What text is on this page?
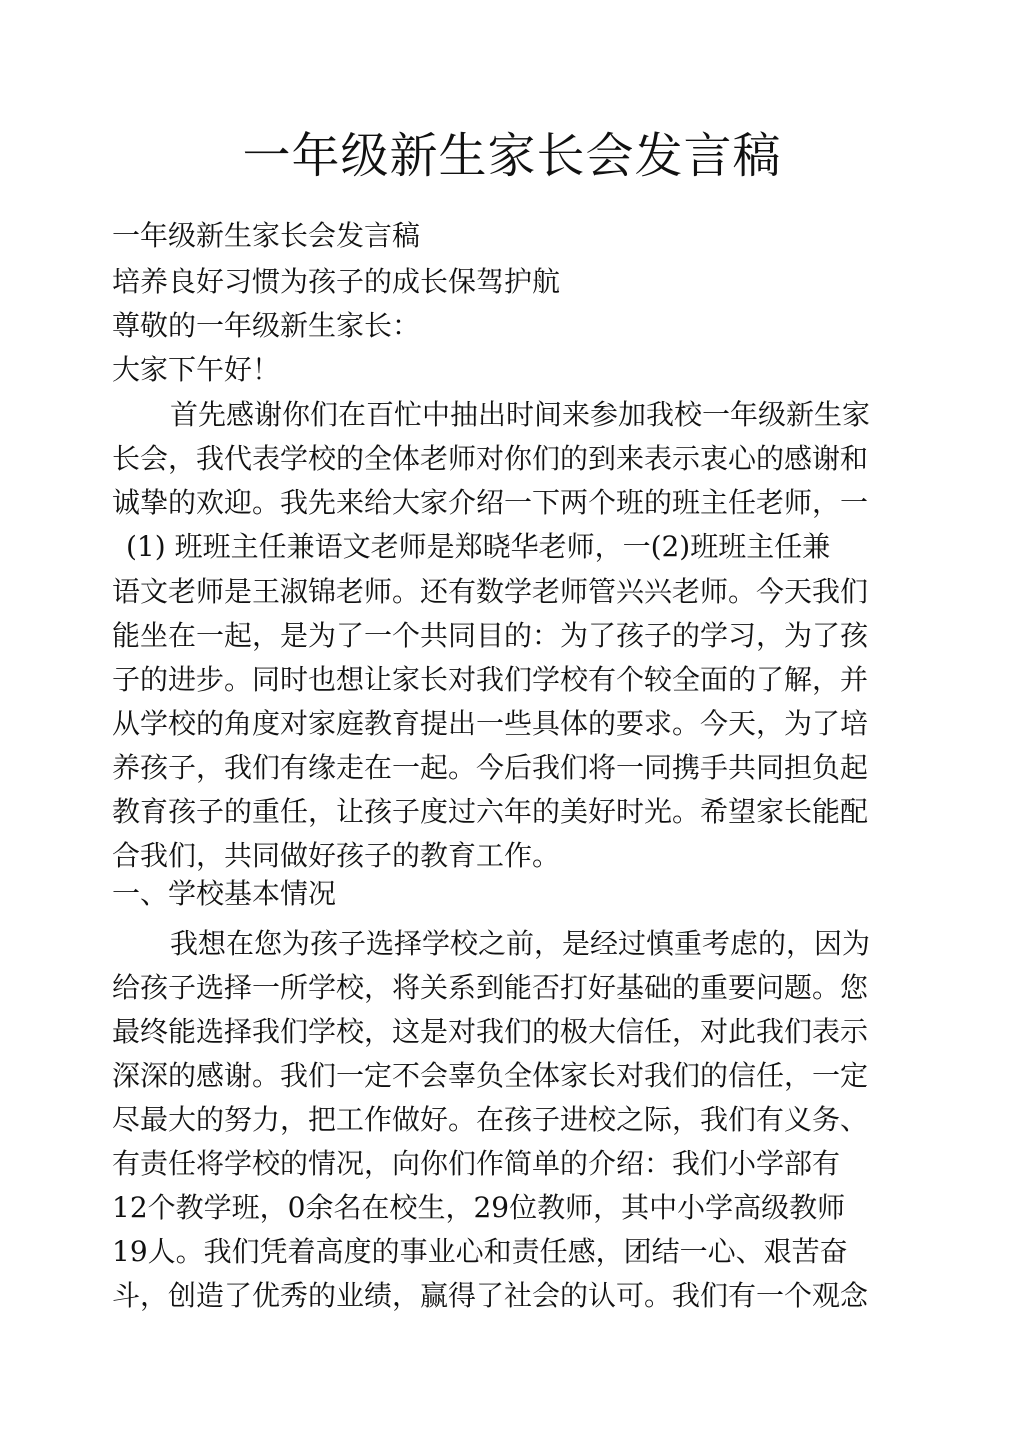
一年级新生家长会发言稿

一年级新生家长会发言稿

培养良好习惯为孩子的成长保驾护航

尊敬的一年级新生家长：

大家下午好！

首先感谢你们在百忙中抽出时间来参加我校一年级新生家

长会，我代表学校的全体老师对你们的到来表示衷心的感谢和

诚挚的欢迎。我先来给大家介绍一下两个班的班主任老师，一

(1) 班班主任兼语文老师是郑晓华老师，一(2)班班主任兼

语文老师是王淑锦老师。还有数学老师管兴兴老师。今天我们

能坐在一起，是为了一个共同目的：为了孩子的学习，为了孩

子的进步。同时也想让家长对我们学校有个较全面的了解，并

从学校的角度对家庭教育提出一些具体的要求。今天，为了培

养孩子，我们有缘走在一起。今后我们将一同携手共同担负起

教育孩子的重任，让孩子度过六年的美好时光。希望家长能配

合我们，共同做好孩子的教育工作。

一、学校基本情况

我想在您为孩子选择学校之前，是经过慎重考虑的，因为

给孩子选择一所学校，将关系到能否打好基础的重要问题。您

最终能选择我们学校，这是对我们的极大信任，对此我们表示

深深的感谢。我们一定不会辜负全体家长对我们的信任，一定

尽最大的努力，把工作做好。在孩子进校之际，我们有义务、

有责任将学校的情况，向你们作简单的介绍：我们小学部有

12个教学班，0余名在校生，29位教师，其中小学高级教师

19人。我们凭着高度的事业心和责任感，团结一心、艰苦奋

斗，创造了优秀的业绩，赢得了社会的认可。我们有一个观念
